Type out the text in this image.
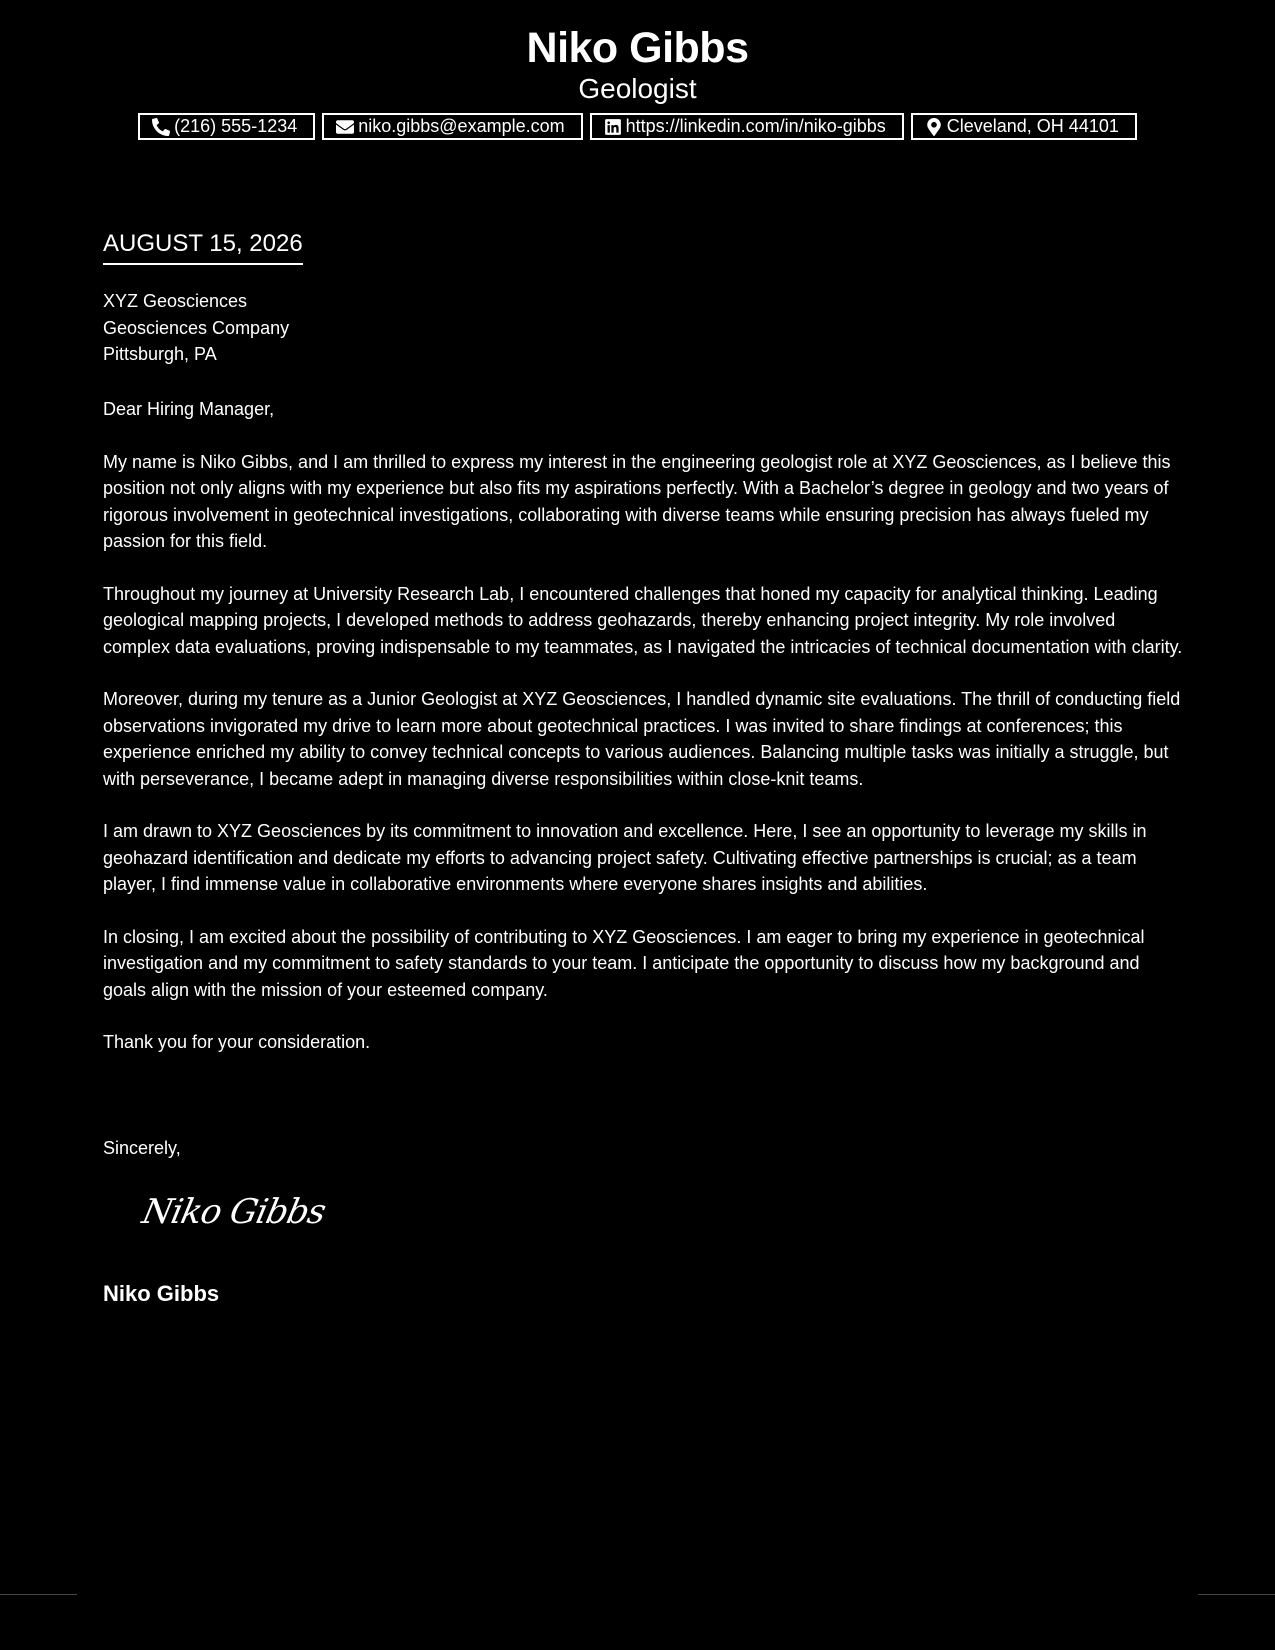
Niko Gibbs
Geologist
(216) 555-1234	niko.gibbs@example.com	https://linkedin.com/in/niko-gibbs	Cleveland, OH 44101
AUGUST 15, 2026
XYZ Geosciences
Geosciences Company
Pittsburgh, PA

Dear Hiring Manager,

My name is Niko Gibbs, and I am thrilled to express my interest in the engineering geologist role at XYZ Geosciences, as I believe this position not only aligns with my experience but also fits my aspirations perfectly. With a Bachelor’s degree in geology and two years of rigorous involvement in geotechnical investigations, collaborating with diverse teams while ensuring precision has always fueled my passion for this field.

Throughout my journey at University Research Lab, I encountered challenges that honed my capacity for analytical thinking. Leading geological mapping projects, I developed methods to address geohazards, thereby enhancing project integrity. My role involved complex data evaluations, proving indispensable to my teammates, as I navigated the intricacies of technical documentation with clarity.

Moreover, during my tenure as a Junior Geologist at XYZ Geosciences, I handled dynamic site evaluations. The thrill of conducting field observations invigorated my drive to learn more about geotechnical practices. I was invited to share findings at conferences; this experience enriched my ability to convey technical concepts to various audiences. Balancing multiple tasks was initially a struggle, but with perseverance, I became adept in managing diverse responsibilities within close-knit teams.

I am drawn to XYZ Geosciences by its commitment to innovation and excellence. Here, I see an opportunity to leverage my skills in geohazard identification and dedicate my efforts to advancing project safety. Cultivating effective partnerships is crucial; as a team player, I find immense value in collaborative environments where everyone shares insights and abilities.

In closing, I am excited about the possibility of contributing to XYZ Geosciences. I am eager to bring my experience in geotechnical investigation and my commitment to safety standards to your team. I anticipate the opportunity to discuss how my background and goals align with the mission of your esteemed company.

Thank you for your consideration.

Sincerely,
Niko Gibbs
Niko Gibbs
